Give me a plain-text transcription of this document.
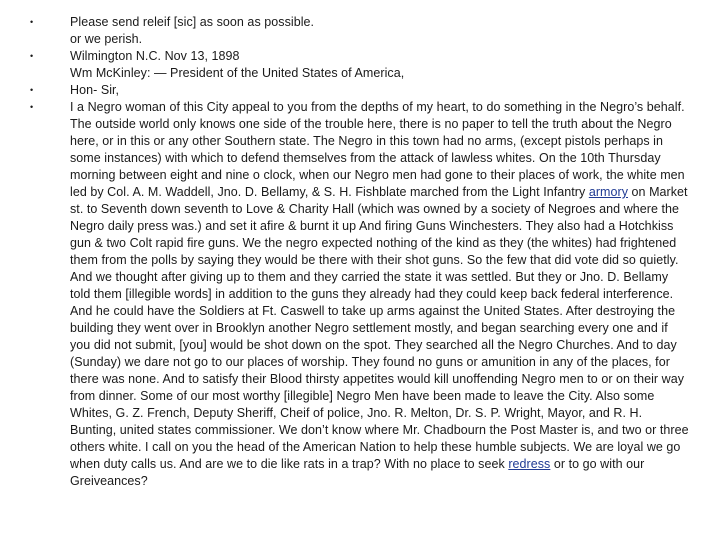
•	Please send releif [sic] as soon as possible.
or we perish.
•	Wilmington N.C. Nov 13, 1898
Wm McKinley: — President of the United States of America,
•	Hon- Sir,
•	I a Negro woman of this City appeal to you from the depths of my heart, to do something in the Negro’s behalf. The outside world only knows one side of the trouble here, there is no paper to tell the truth about the Negro here, or in this or any other Southern state. The Negro in this town had no arms, (except pistols perhaps in some instances) with which to defend themselves from the attack of lawless whites. On the 10th Thursday morning between eight and nine o clock, when our Negro men had gone to their places of work, the white men led by Col. A. M. Waddell, Jno. D. Bellamy, & S. H. Fishblate marched from the Light Infantry armory on Market st. to Seventh down seventh to Love & Charity Hall (which was owned by a society of Negroes and where the Negro daily press was.) and set it afire & burnt it up And firing Guns Winchesters. They also had a Hotchkiss gun & two Colt rapid fire guns. We the negro expected nothing of the kind as they (the whites) had frightened them from the polls by saying they would be there with their shot guns. So the few that did vote did so quietly. And we thought after giving up to them and they carried the state it was settled. But they or Jno. D. Bellamy told them [illegible words] in addition to the guns they already had they could keep back federal interference. And he could have the Soldiers at Ft. Caswell to take up arms against the United States. After destroying the building they went over in Brooklyn another Negro settlement mostly, and began searching every one and if you did not submit, [you] would be shot down on the spot. They searched all the Negro Churches. And to day (Sunday) we dare not go to our places of worship. They found no guns or amunition in any of the places, for there was none. And to satisfy their Blood thirsty appetites would kill unoffending Negro men to or on their way from dinner. Some of our most worthy [illegible] Negro Men have been made to leave the City. Also some Whites, G. Z. French, Deputy Sheriff, Cheif of police, Jno. R. Melton, Dr. S. P. Wright, Mayor, and R. H. Bunting, united states commissioner. We don’t know where Mr. Chadbourn the Post Master is, and two or three others white. I call on you the head of the American Nation to help these humble subjects. We are loyal we go when duty calls us. And are we to die like rats in a trap? With no place to seek redress or to go with our Greiveances?
